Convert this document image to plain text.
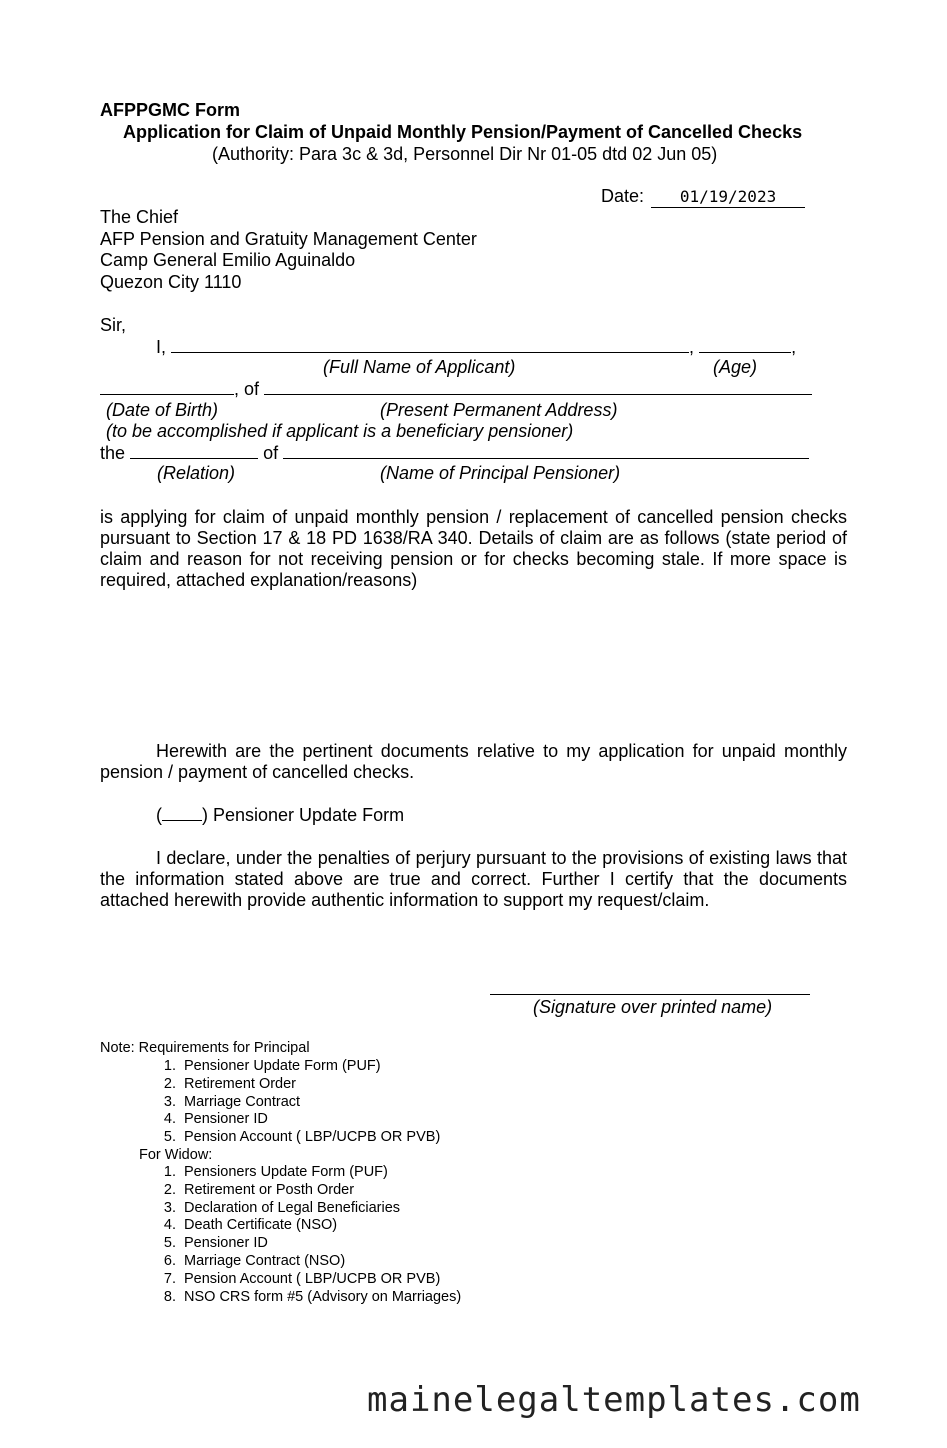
AFPPGMC Form
Application for Claim of Unpaid Monthly Pension/Payment of Cancelled Checks
(Authority: Para 3c & 3d, Personnel Dir Nr 01-05 dtd 02 Jun 05)
Date: 01/19/2023
The Chief
AFP Pension and Gratuity Management Center
Camp General Emilio Aguinaldo
Quezon City 1110
Sir,
I,	,	,
(Full Name of Applicant)	(Age)
, of
(Date of Birth)	(Present Permanent Address)
(to be accomplished if applicant is a beneficiary pensioner)
the	of
(Relation)	(Name of Principal Pensioner)
is applying for claim of unpaid monthly pension / replacement of cancelled pension checks pursuant to Section 17 & 18 PD 1638/RA 340. Details of claim are as follows (state period of claim and reason for not receiving pension or for checks becoming stale. If more space is required, attached explanation/reasons)
Herewith are the pertinent documents relative to my application for unpaid monthly pension / payment of cancelled checks.
( ) Pensioner Update Form
I declare, under the penalties of perjury pursuant to the provisions of existing laws that the information stated above are true and correct. Further I certify that the documents attached herewith provide authentic information to support my request/claim.
(Signature over printed name)
Note: Requirements for Principal
1. Pensioner Update Form (PUF)
2. Retirement Order
3. Marriage Contract
4. Pensioner ID
5. Pension Account ( LBP/UCPB OR PVB)
For Widow:
1. Pensioners Update Form (PUF)
2. Retirement or Posth Order
3. Declaration of Legal Beneficiaries
4. Death Certificate (NSO)
5. Pensioner ID
6. Marriage Contract (NSO)
7. Pension Account ( LBP/UCPB OR PVB)
8. NSO CRS form #5 (Advisory on Marriages)
mainelegaltemplates.com
